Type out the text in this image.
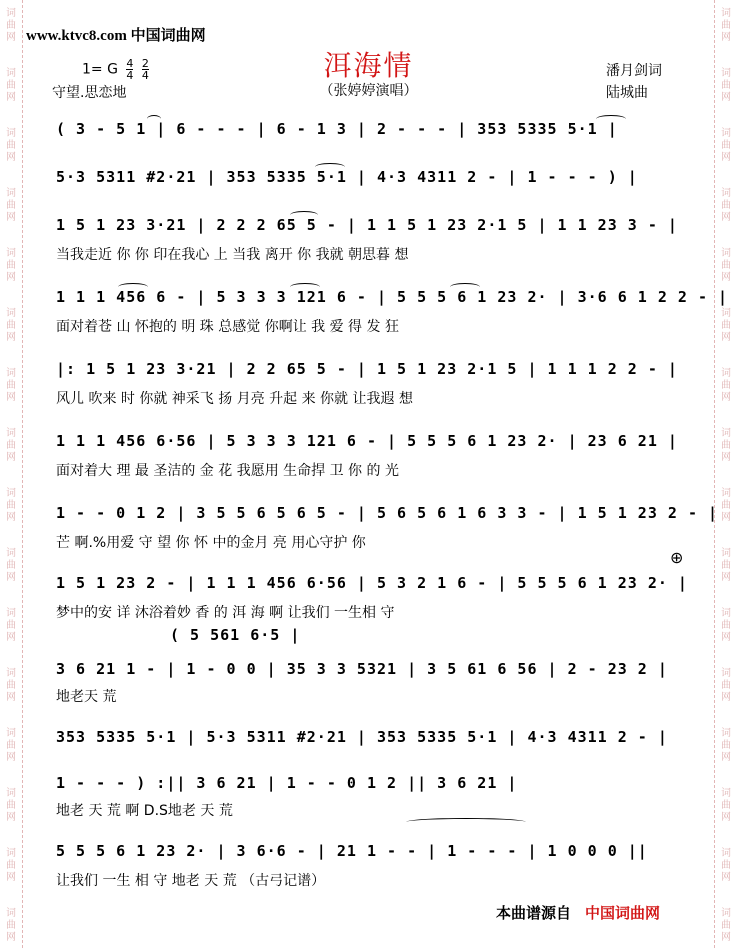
词
曲
网
词
曲
网
词
曲
网
词
曲
网
词
曲
网
词
曲
网
词
曲
网
词
曲
网
词
曲
网
词
曲
网
词
曲
网
词
曲
网
词
曲
网
词
曲
网
词
曲
网
词
曲
网
词
曲
网
词
曲
网
词
曲
网
词
曲
网
词
曲
网
词
曲
网
词
曲
网
词
曲
网
词
曲
网
词
曲
网
词
曲
网
词
曲
网
词
曲
网
词
曲
网
词
曲
网
词
曲
网
www.ktvc8.com 中国词曲网
洱海情
（张婷婷演唱）
1= G $\frac{4}{4}$
$\frac{2}{4}$
守望.思恋地
潘月剑词
陆城曲
( 3 - 5 1 | 6 - - - | 6 - 1 3 | 2 - - - | 353 5335 5·1 |
5·3 5311 #2·21 | 353 5335 5·1 | 4·3 4311 2 - | 1 - - - ) |
1 5 1 23 3·21 | 2 2 2 65 5 - | 1 1 5 1 23 2·1 5 | 1 1 23 3 - |
当我走近 你 你 印在我心 上 当我 离开 你 我就 朝思暮 想
1 1 1 456 6 - | 5 3 3 3 121 6 - | 5 5 5 6 1 23 2· | 3·6 6 1 2 2 - |
面对着苍 山 怀抱的 明 珠 总感觉 你啊让 我 爱 得 发 狂
|: 1 5 1 23 3·21 | 2 2 65 5 - | 1 5 1 23 2·1 5 | 1 1 1 2 2 - |
风儿 吹来 时 你就 神采飞 扬 月亮 升起 来 你就 让我遐 想
1 1 1 456 6·56 | 5 3 3 3 121 6 - | 5 5 5 6 1 23 2· | 23 6 21 |
面对着大 理 最 圣洁的 金 花 我愿用 生命捍 卫 你 的 光
1 - - 0 1 2 | 3 5 5 6 5 6 5 - | 5 6 5 6 1 6 3 3 - | 1 5 1 23 2 - |
芒 啊.%用爱 守 望 你 怀 中的金月 亮 用心守护 你
1 5 1 23 2 - | 1 1 1 456 6·56 | 5 3 2 1 6 - | 5 5 5 6 1 23 2· |
梦中的安 详 沐浴着妙 香 的 洱 海 啊 让我们 一生相 守
⊕
( 5 561 6·5 |
3 6 21 1 - | 1 - 0 0 | 35 3 3 5321 | 3 5 61 6 56 | 2 - 23 2 |
地老天 荒
353 5335 5·1 | 5·3 5311 #2·21 | 353 5335 5·1 | 4·3 4311 2 - |
1 - - - ) :|| 3 6 21 | 1 - - 0 1 2 || 3 6 21 |
地老 天 荒 啊 D.S地老 天 荒
5 5 5 6 1 23 2· | 3 6·6 - | 21 1 - - | 1 - - - | 1 0 0 0 ||
让我们 一生 相 守 地老 天 荒 （古弓记谱）
本曲谱源自 中国词曲网
